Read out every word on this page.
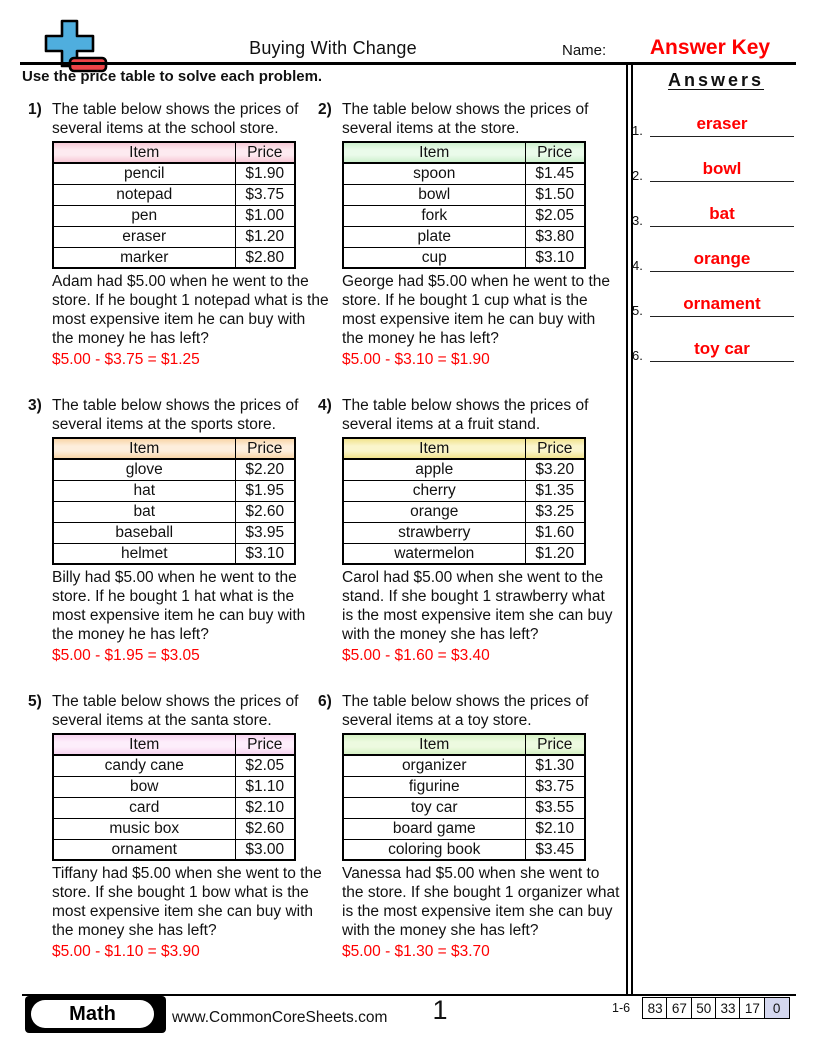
Buying With Change	Name:	Answer Key
Use the price table to solve each problem.	Answers
1.	eraser
2.	bowl
3.	bat
4.	orange
5.	ornament
6.	toy car
1) The table below shows the prices of several items at the school store.
Item	Price
pencil	$1.90
notepad	$3.75
pen	$1.00
eraser	$1.20
marker	$2.80
Adam had $5.00 when he went to the store. If he bought 1 notepad what is the most expensive item he can buy with the money he has left?
$5.00 - $3.75 = $1.25
2) The table below shows the prices of several items at the store.
Item	Price
spoon	$1.45
bowl	$1.50
fork	$2.05
plate	$3.80
cup	$3.10
George had $5.00 when he went to the store. If he bought 1 cup what is the most expensive item he can buy with the money he has left?
$5.00 - $3.10 = $1.90
3) The table below shows the prices of several items at the sports store.
Item	Price
glove	$2.20
hat	$1.95
bat	$2.60
baseball	$3.95
helmet	$3.10
Billy had $5.00 when he went to the store. If he bought 1 hat what is the most expensive item he can buy with the money he has left?
$5.00 - $1.95 = $3.05
4) The table below shows the prices of several items at a fruit stand.
Item	Price
apple	$3.20
cherry	$1.35
orange	$3.25
strawberry	$1.60
watermelon	$1.20
Carol had $5.00 when she went to the stand. If she bought 1 strawberry what is the most expensive item she can buy with the money she has left?
$5.00 - $1.60 = $3.40
5) The table below shows the prices of several items at the santa store.
Item	Price
candy cane	$2.05
bow	$1.10
card	$2.10
music box	$2.60
ornament	$3.00
Tiffany had $5.00 when she went to the store. If she bought 1 bow what is the most expensive item she can buy with the money she has left?
$5.00 - $1.10 = $3.90
6) The table below shows the prices of several items at a toy store.
Item	Price
organizer	$1.30
figurine	$3.75
toy car	$3.55
board game	$2.10
coloring book	$3.45
Vanessa had $5.00 when she went to the store. If she bought 1 organizer what is the most expensive item she can buy with the money she has left?
$5.00 - $1.30 = $3.70
Math	www.CommonCoreSheets.com	1	1-6	83 67 50 33 17 0
